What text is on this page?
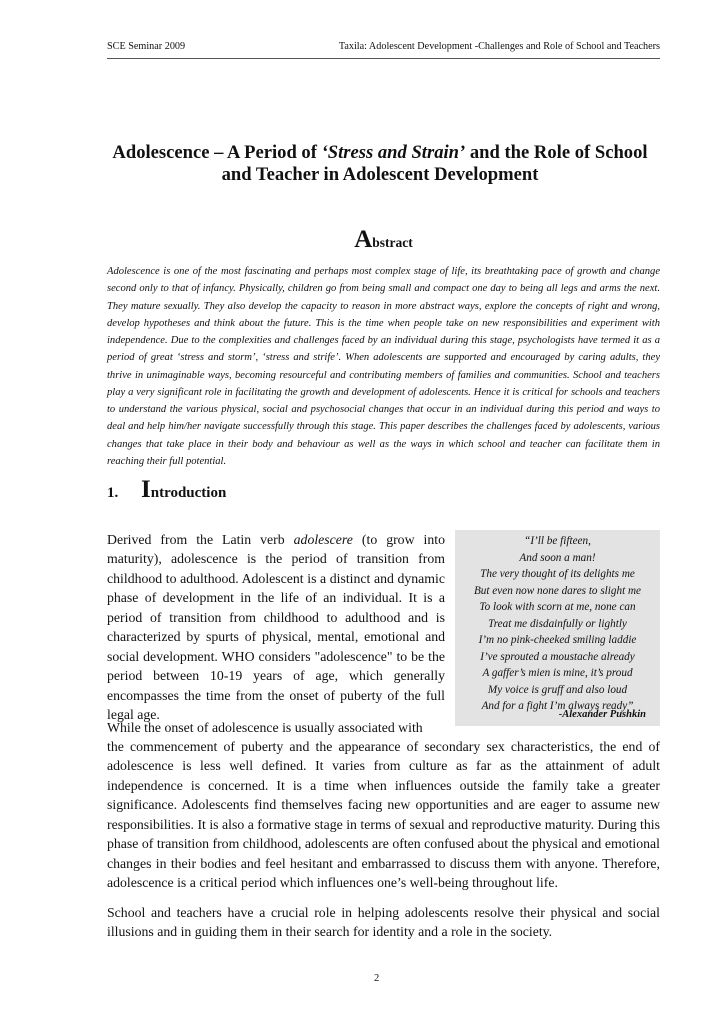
SCE Seminar 2009	Taxila: Adolescent Development -Challenges and Role of School and Teachers
Adolescence – A Period of ‘Stress and Strain’ and the Role of School
and Teacher in Adolescent Development
Abstract

Adolescence is one of the most fascinating and perhaps most complex stage of life, its breathtaking pace of growth and change second only to that of infancy. Physically, children go from being small and compact one day to being all legs and arms the next. They mature sexually. They also develop the capacity to reason in more abstract ways, explore the concepts of right and wrong, develop hypotheses and think about the future. This is the time when people take on new responsibilities and experiment with independence. Due to the complexities and challenges faced by an individual during this stage, psychologists have termed it as a period of great ‘stress and storm’, ‘stress and strife’. When adolescents are supported and encouraged by caring adults, they thrive in unimaginable ways, becoming resourceful and contributing members of families and communities. School and teachers play a very significant role in facilitating the growth and development of adolescents. Hence it is critical for schools and teachers to understand the various physical, social and psychosocial changes that occur in an individual during this period and ways to deal and help him/her navigate successfully through this stage. This paper describes the challenges faced by adolescents, various changes that take place in their body and behaviour as well as the ways in which school and teacher can facilitate them in reaching their full potential.

1. Introduction

Derived from the Latin verb adolescere (to grow into maturity), adolescence is the period of transition from childhood to adulthood. Adolescent is a distinct and dynamic phase of development in the life of an individual. It is a period of transition from childhood to adulthood and is characterized by spurts of physical, mental, emotional and social development. WHO considers "adolescence" to be the period between 10-19 years of age, which generally encompasses the time from the onset of puberty of the full legal age.

“I’ll be fifteen,
And soon a man!
The very thought of its delights me
But even now none dares to slight me
To look with scorn at me, none can
Treat me disdainfully or lightly
I’m no pink-cheeked smiling laddie
I’ve sprouted a moustache already
A gaffer’s mien is mine, it’s proud
My voice is gruff and also loud
And for a fight I’m always ready”
-Alexander Pushkin
While the onset of adolescence is usually associated with

the commencement of puberty and the appearance of secondary sex characteristics, the end of adolescence is less well defined. It varies from culture as far as the attainment of adult independence is concerned. It is a time when influences outside the family take a greater significance. Adolescents find themselves facing new opportunities and are eager to assume new responsibilities. It is also a formative stage in terms of sexual and reproductive maturity. During this phase of transition from childhood, adolescents are often confused about the physical and emotional changes in their bodies and feel hesitant and embarrassed to discuss them with anyone. Therefore, adolescence is a critical period which influences one’s well-being throughout life.

School and teachers have a crucial role in helping adolescents resolve their physical and social illusions and in guiding them in their search for identity and a role in the society.

2
